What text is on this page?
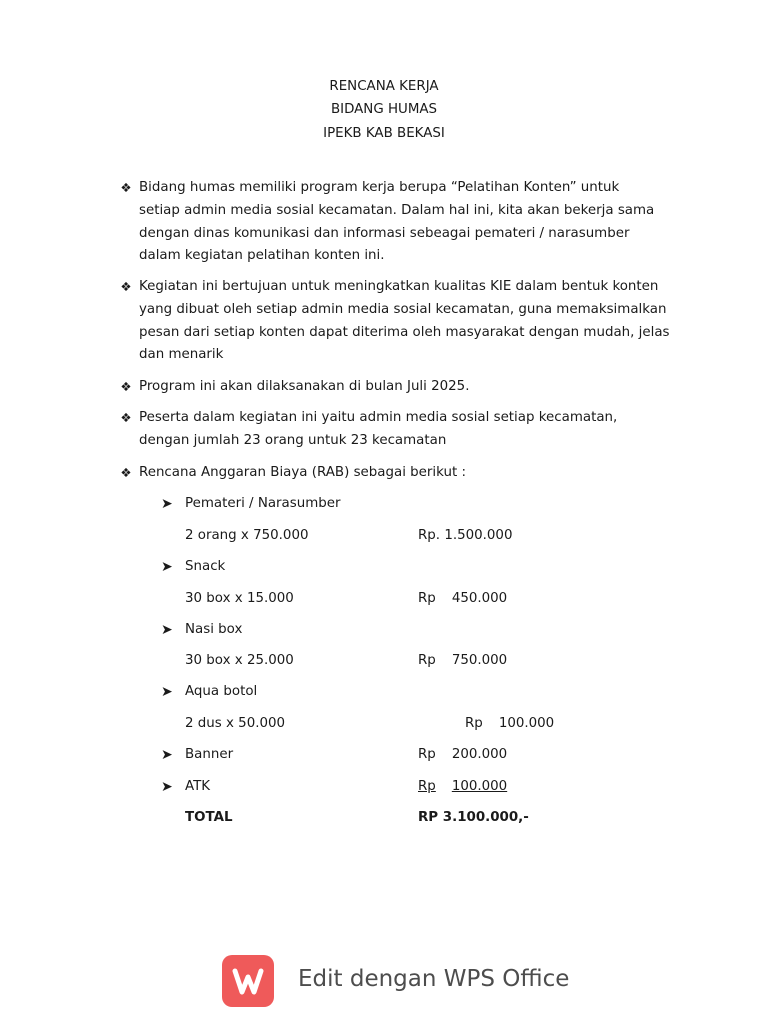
RENCANA KERJA
BIDANG HUMAS
IPEKB KAB BEKASI
❖ Bidang humas memiliki program kerja berupa “Pelatihan Konten” untuk
setiap admin media sosial kecamatan. Dalam hal ini, kita akan bekerja sama
dengan dinas komunikasi dan informasi sebeagai pemateri / narasumber
dalam kegiatan pelatihan konten ini.
❖ Kegiatan ini bertujuan untuk meningkatkan kualitas KIE dalam bentuk konten
yang dibuat oleh setiap admin media sosial kecamatan, guna memaksimalkan
pesan dari setiap konten dapat diterima oleh masyarakat dengan mudah, jelas
dan menarik
❖ Program ini akan dilaksanakan di bulan Juli 2025.
❖ Peserta dalam kegiatan ini yaitu admin media sosial setiap kecamatan,
dengan jumlah 23 orang untuk 23 kecamatan
❖ Rencana Anggaran Biaya (RAB) sebagai berikut :
➤ Pemateri / Narasumber
2 orang x 750.000	Rp. 1.500.000
➤ Snack
30 box x 15.000	Rp 450.000
➤ Nasi box
30 box x 25.000	Rp 750.000
➤ Aqua botol
2 dus x 50.000	Rp 100.000
➤ Banner	Rp 200.000
➤ ATK	Rp 100.000
TOTAL	RP 3.100.000,-
Edit dengan WPS Office
